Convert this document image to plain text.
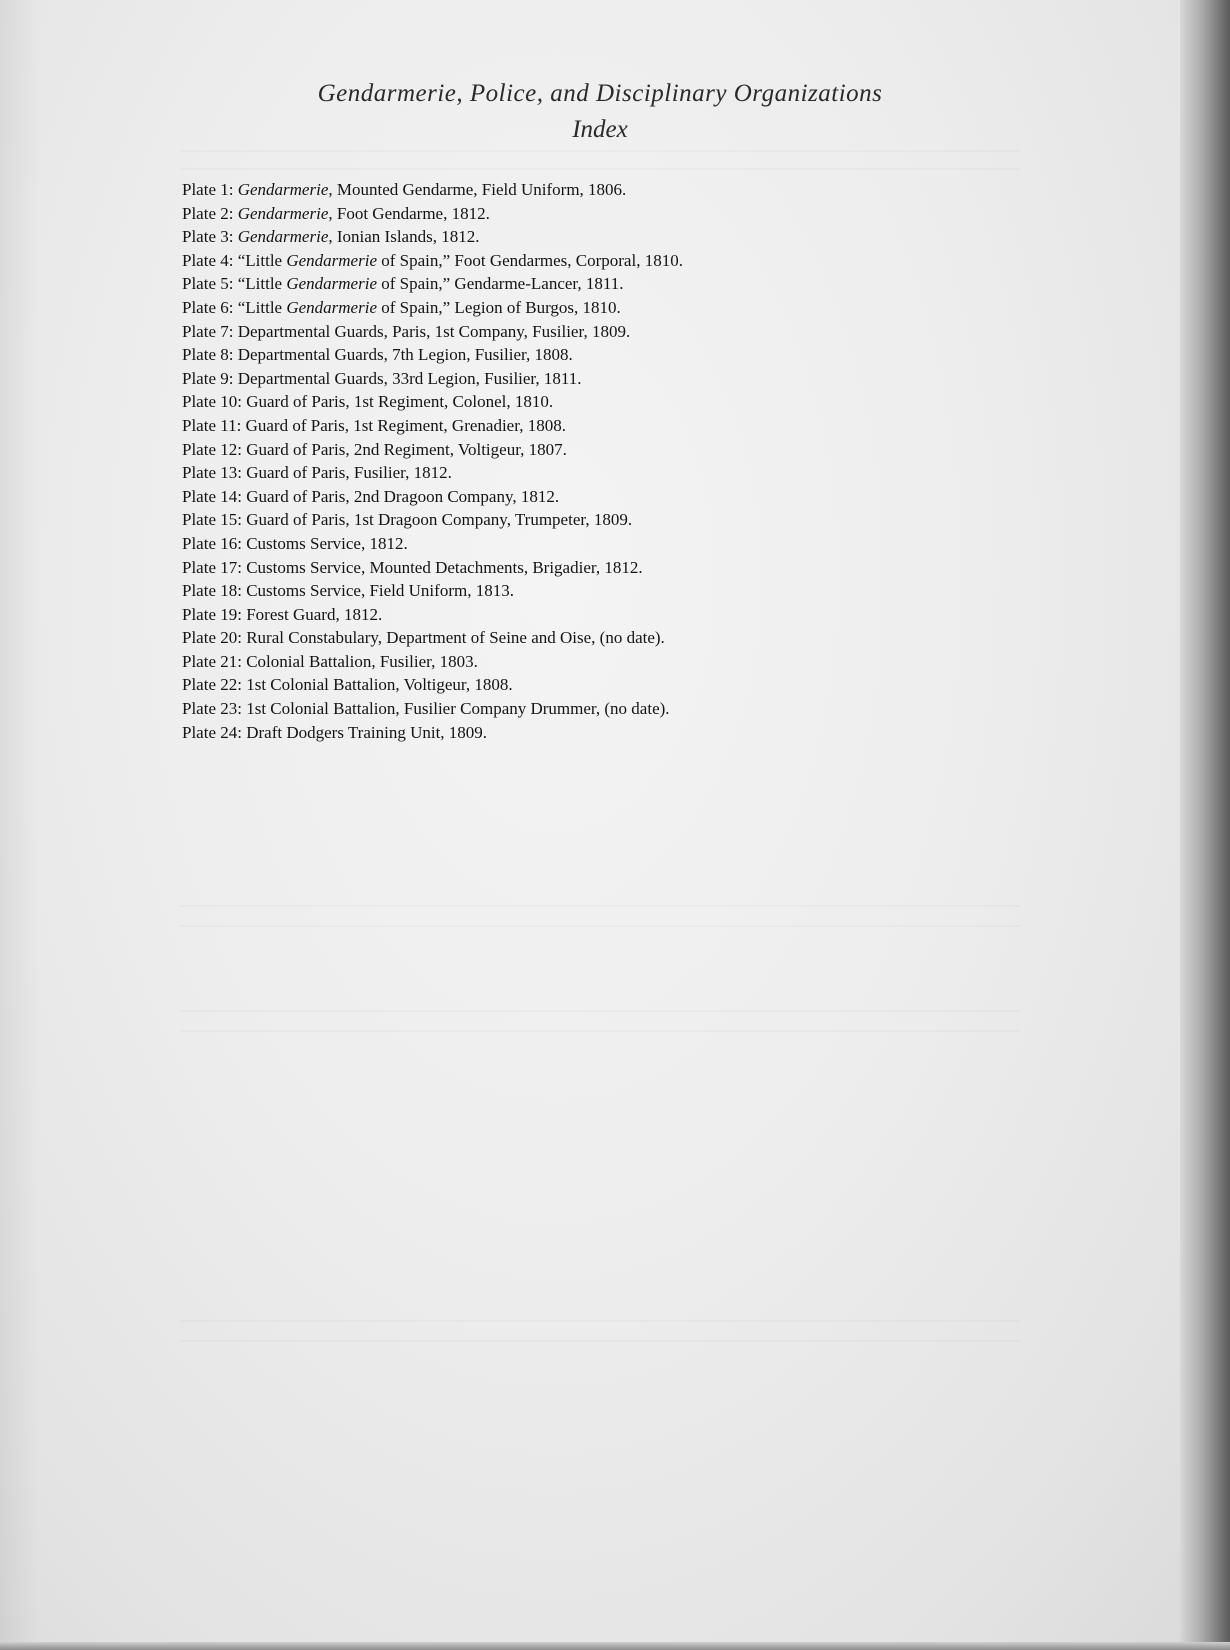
Gendarmerie, Police, and Disciplinary Organizations
Index
Plate 1: Gendarmerie, Mounted Gendarme, Field Uniform, 1806.
Plate 2: Gendarmerie, Foot Gendarme, 1812.
Plate 3: Gendarmerie, Ionian Islands, 1812.
Plate 4: “Little Gendarmerie of Spain,” Foot Gendarmes, Corporal, 1810.
Plate 5: “Little Gendarmerie of Spain,” Gendarme-Lancer, 1811.
Plate 6: “Little Gendarmerie of Spain,” Legion of Burgos, 1810.
Plate 7: Departmental Guards, Paris, 1st Company, Fusilier, 1809.
Plate 8: Departmental Guards, 7th Legion, Fusilier, 1808.
Plate 9: Departmental Guards, 33rd Legion, Fusilier, 1811.
Plate 10: Guard of Paris, 1st Regiment, Colonel, 1810.
Plate 11: Guard of Paris, 1st Regiment, Grenadier, 1808.
Plate 12: Guard of Paris, 2nd Regiment, Voltigeur, 1807.
Plate 13: Guard of Paris, Fusilier, 1812.
Plate 14: Guard of Paris, 2nd Dragoon Company, 1812.
Plate 15: Guard of Paris, 1st Dragoon Company, Trumpeter, 1809.
Plate 16: Customs Service, 1812.
Plate 17: Customs Service, Mounted Detachments, Brigadier, 1812.
Plate 18: Customs Service, Field Uniform, 1813.
Plate 19: Forest Guard, 1812.
Plate 20: Rural Constabulary, Department of Seine and Oise, (no date).
Plate 21: Colonial Battalion, Fusilier, 1803.
Plate 22: 1st Colonial Battalion, Voltigeur, 1808.
Plate 23: 1st Colonial Battalion, Fusilier Company Drummer, (no date).
Plate 24: Draft Dodgers Training Unit, 1809.
